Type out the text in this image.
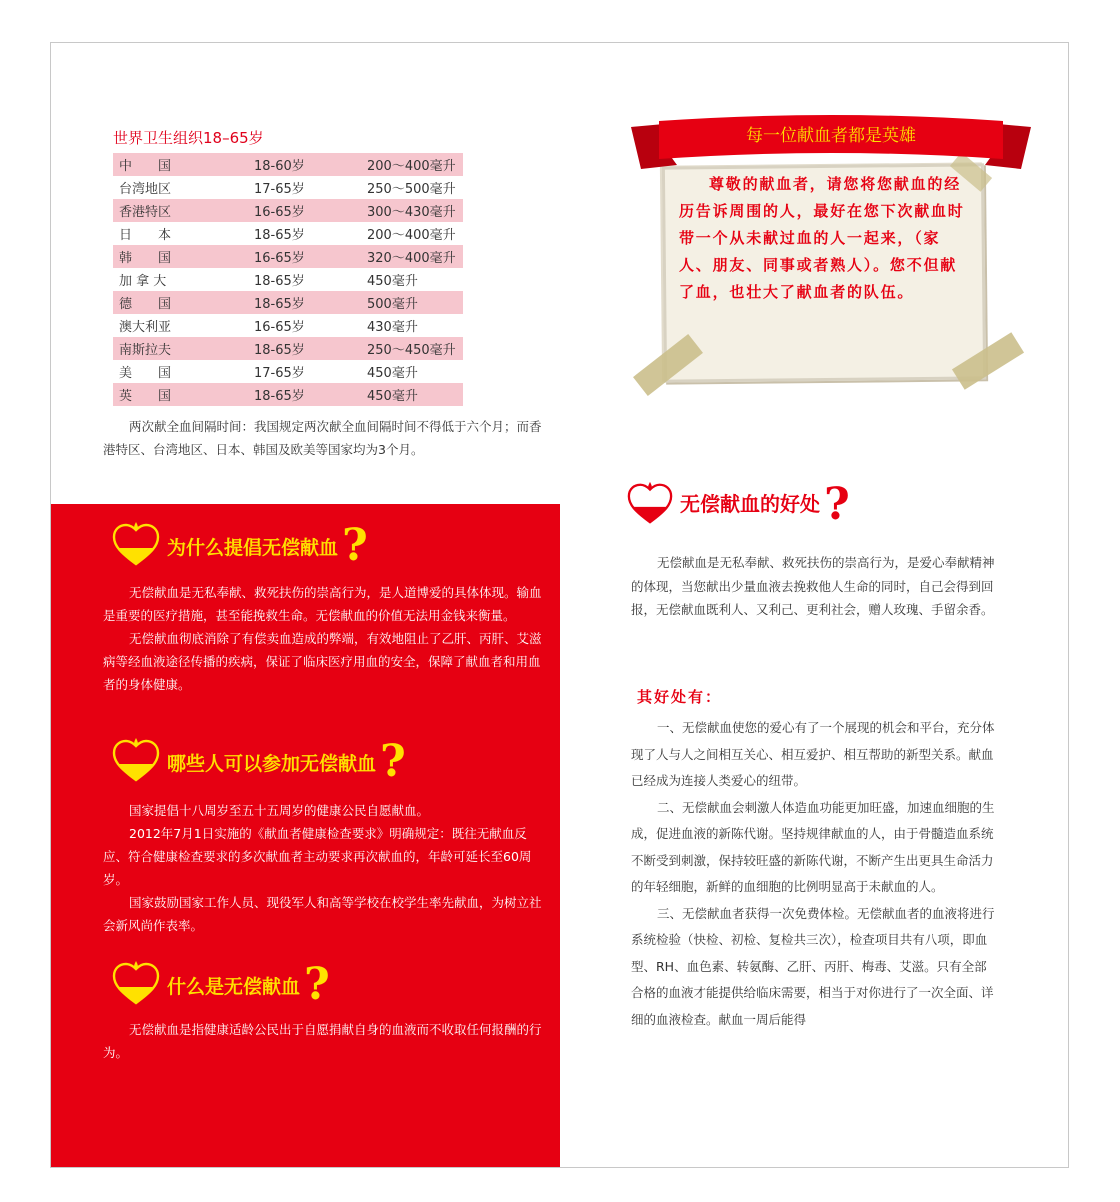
世界卫生组织18–65岁
中　　国	18-60岁	200～400毫升
台湾地区	17-65岁	250～500毫升
香港特区	16-65岁	300～430毫升
日　　本	18-65岁	200～400毫升
韩　　国	16-65岁	320～400毫升
加 拿 大	18-65岁	450毫升
德　　国	18-65岁	500毫升
澳大利亚	16-65岁	430毫升
南斯拉夫	18-65岁	250～450毫升
美　　国	17-65岁	450毫升
英　　国	18-65岁	450毫升
两次献全血间隔时间：我国规定两次献全血间隔时间不得低于六个月；而香港特区、台湾地区、日本、韩国及欧美等国家均为3个月。
为什么提倡无偿献血 ?

无偿献血是无私奉献、救死扶伤的崇高行为，是人道博爱的具体体现。输血是重要的医疗措施，甚至能挽救生命。无偿献血的价值无法用金钱来衡量。

无偿献血彻底消除了有偿卖血造成的弊端，有效地阻止了乙肝、丙肝、艾滋病等经血液途径传播的疾病，保证了临床医疗用血的安全，保障了献血者和用血者的身体健康。

哪些人可以参加无偿献血 ?

国家提倡十八周岁至五十五周岁的健康公民自愿献血。

2012年7月1日实施的《献血者健康检查要求》明确规定：既往无献血反应、符合健康检查要求的多次献血者主动要求再次献血的，年龄可延长至60周岁。

国家鼓励国家工作人员、现役军人和高等学校在校学生率先献血，为树立社会新风尚作表率。

什么是无偿献血 ?

无偿献血是指健康适龄公民出于自愿捐献自身的血液而不收取任何报酬的行为。

每一位献血者都是英雄
尊敬的献血者，请您将您献血的经历告诉周围的人，最好在您下次献血时带一个从未献过血的人一起来，（家人、朋友、同事或者熟人）。您不但献了血，也壮大了献血者的队伍。
无偿献血的好处 ?

无偿献血是无私奉献、救死扶伤的崇高行为，是爱心奉献精神的体现，当您献出少量血液去挽救他人生命的同时，自己会得到回报，无偿献血既利人、又利己、更利社会，赠人玫瑰、手留余香。

其好处有：

一、无偿献血使您的爱心有了一个展现的机会和平台，充分体现了人与人之间相互关心、相互爱护、相互帮助的新型关系。献血已经成为连接人类爱心的纽带。

二、无偿献血会刺激人体造血功能更加旺盛，加速血细胞的生成，促进血液的新陈代谢。坚持规律献血的人，由于骨髓造血系统不断受到刺激，保持较旺盛的新陈代谢，不断产生出更具生命活力的年轻细胞，新鲜的血细胞的比例明显高于未献血的人。

三、无偿献血者获得一次免费体检。无偿献血者的血液将进行系统检验（快检、初检、复检共三次），检查项目共有八项，即血型、RH、血色素、转氨酶、乙肝、丙肝、梅毒、艾滋。只有全部合格的血液才能提供给临床需要，相当于对你进行了一次全面、详细的血液检查。献血一周后能得
